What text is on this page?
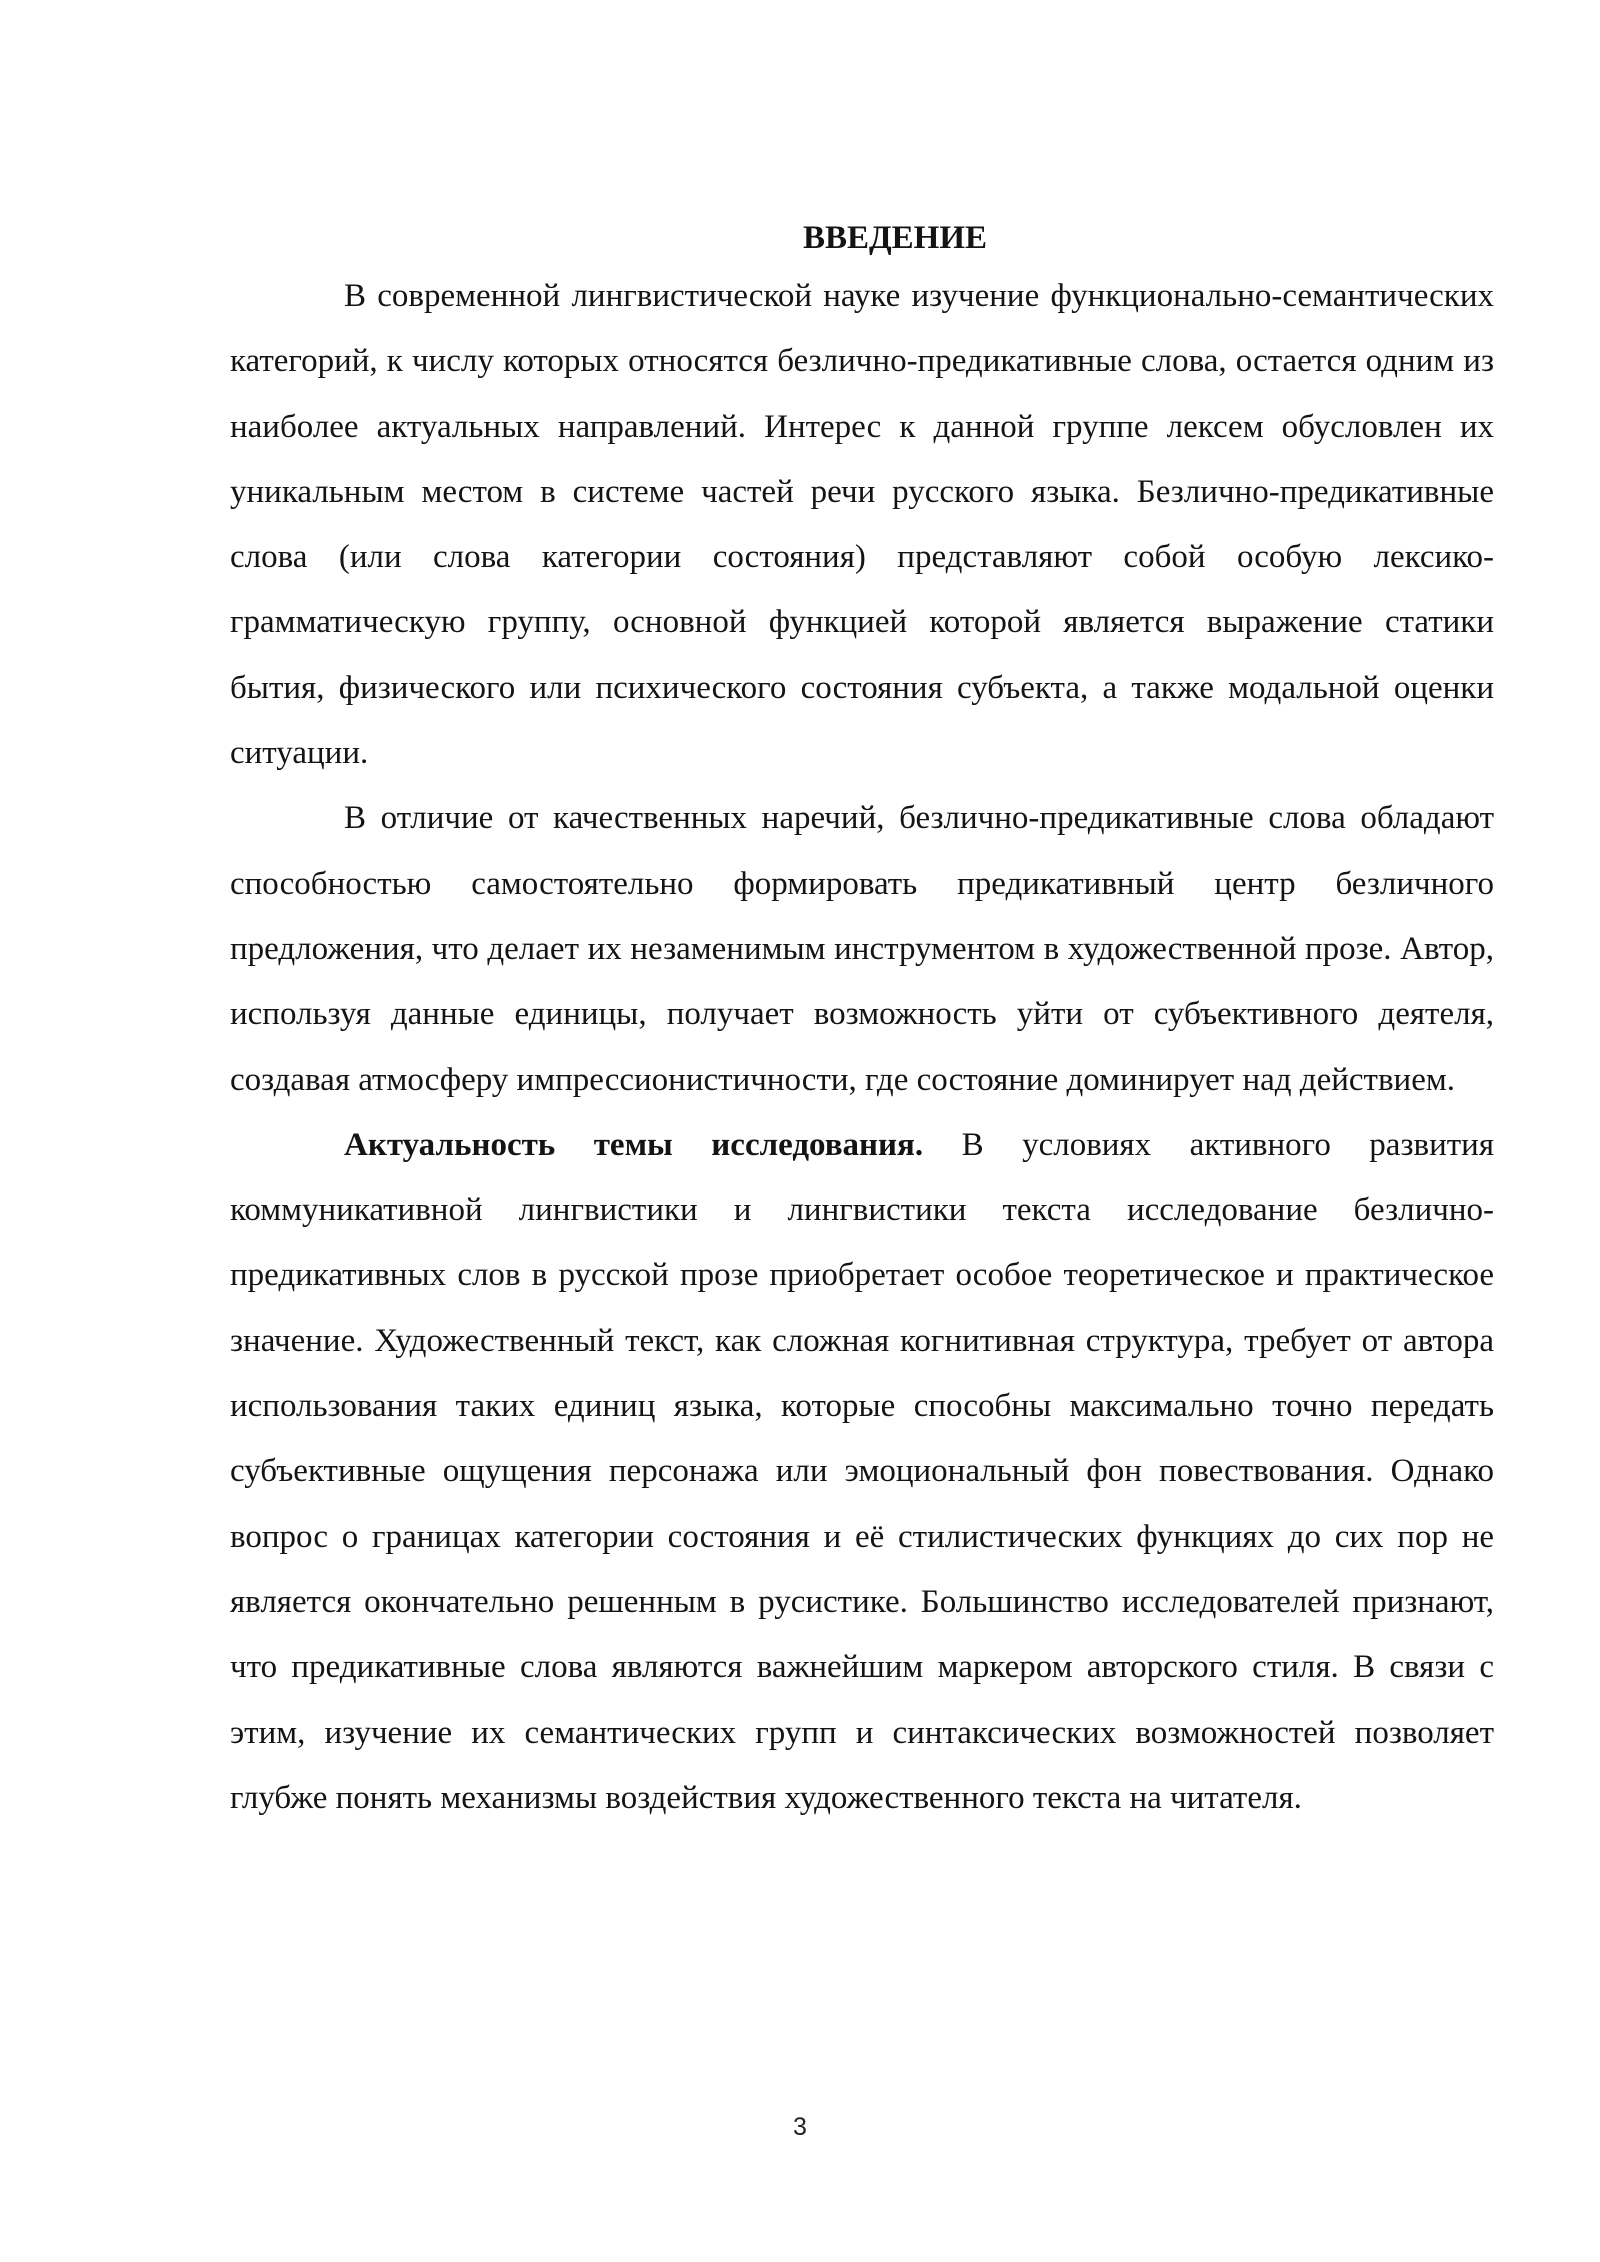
ВВЕДЕНИЕ

В современной лингвистической науке изучение функционально-семантических категорий, к числу которых относятся безлично-предикативные слова, остается одним из наиболее актуальных направлений. Интерес к данной группе лексем обусловлен их уникальным местом в системе частей речи русского языка. Безлично-предикативные слова (или слова категории состояния) представляют собой особую лексико-грамматическую группу, основной функцией которой является выражение статики бытия, физического или психического состояния субъекта, а также модальной оценки ситуации.

В отличие от качественных наречий, безлично-предикативные слова обладают способностью самостоятельно формировать предикативный центр безличного предложения, что делает их незаменимым инструментом в художественной прозе. Автор, используя данные единицы, получает возможность уйти от субъективного деятеля, создавая атмосферу импрессионистичности, где состояние доминирует над действием.

Актуальность темы исследования. В условиях активного развития коммуникативной лингвистики и лингвистики текста исследование безлично-предикативных слов в русской прозе приобретает особое теоретическое и практическое значение. Художественный текст, как сложная когнитивная структура, требует от автора использования таких единиц языка, которые способны максимально точно передать субъективные ощущения персонажа или эмоциональный фон повествования. Однако вопрос о границах категории состояния и её стилистических функциях до сих пор не является окончательно решенным в русистике. Большинство исследователей признают, что предикативные слова являются важнейшим маркером авторского стиля. В связи с этим, изучение их семантических групп и синтаксических возможностей позволяет глубже понять механизмы воздействия художественного текста на читателя.

3
